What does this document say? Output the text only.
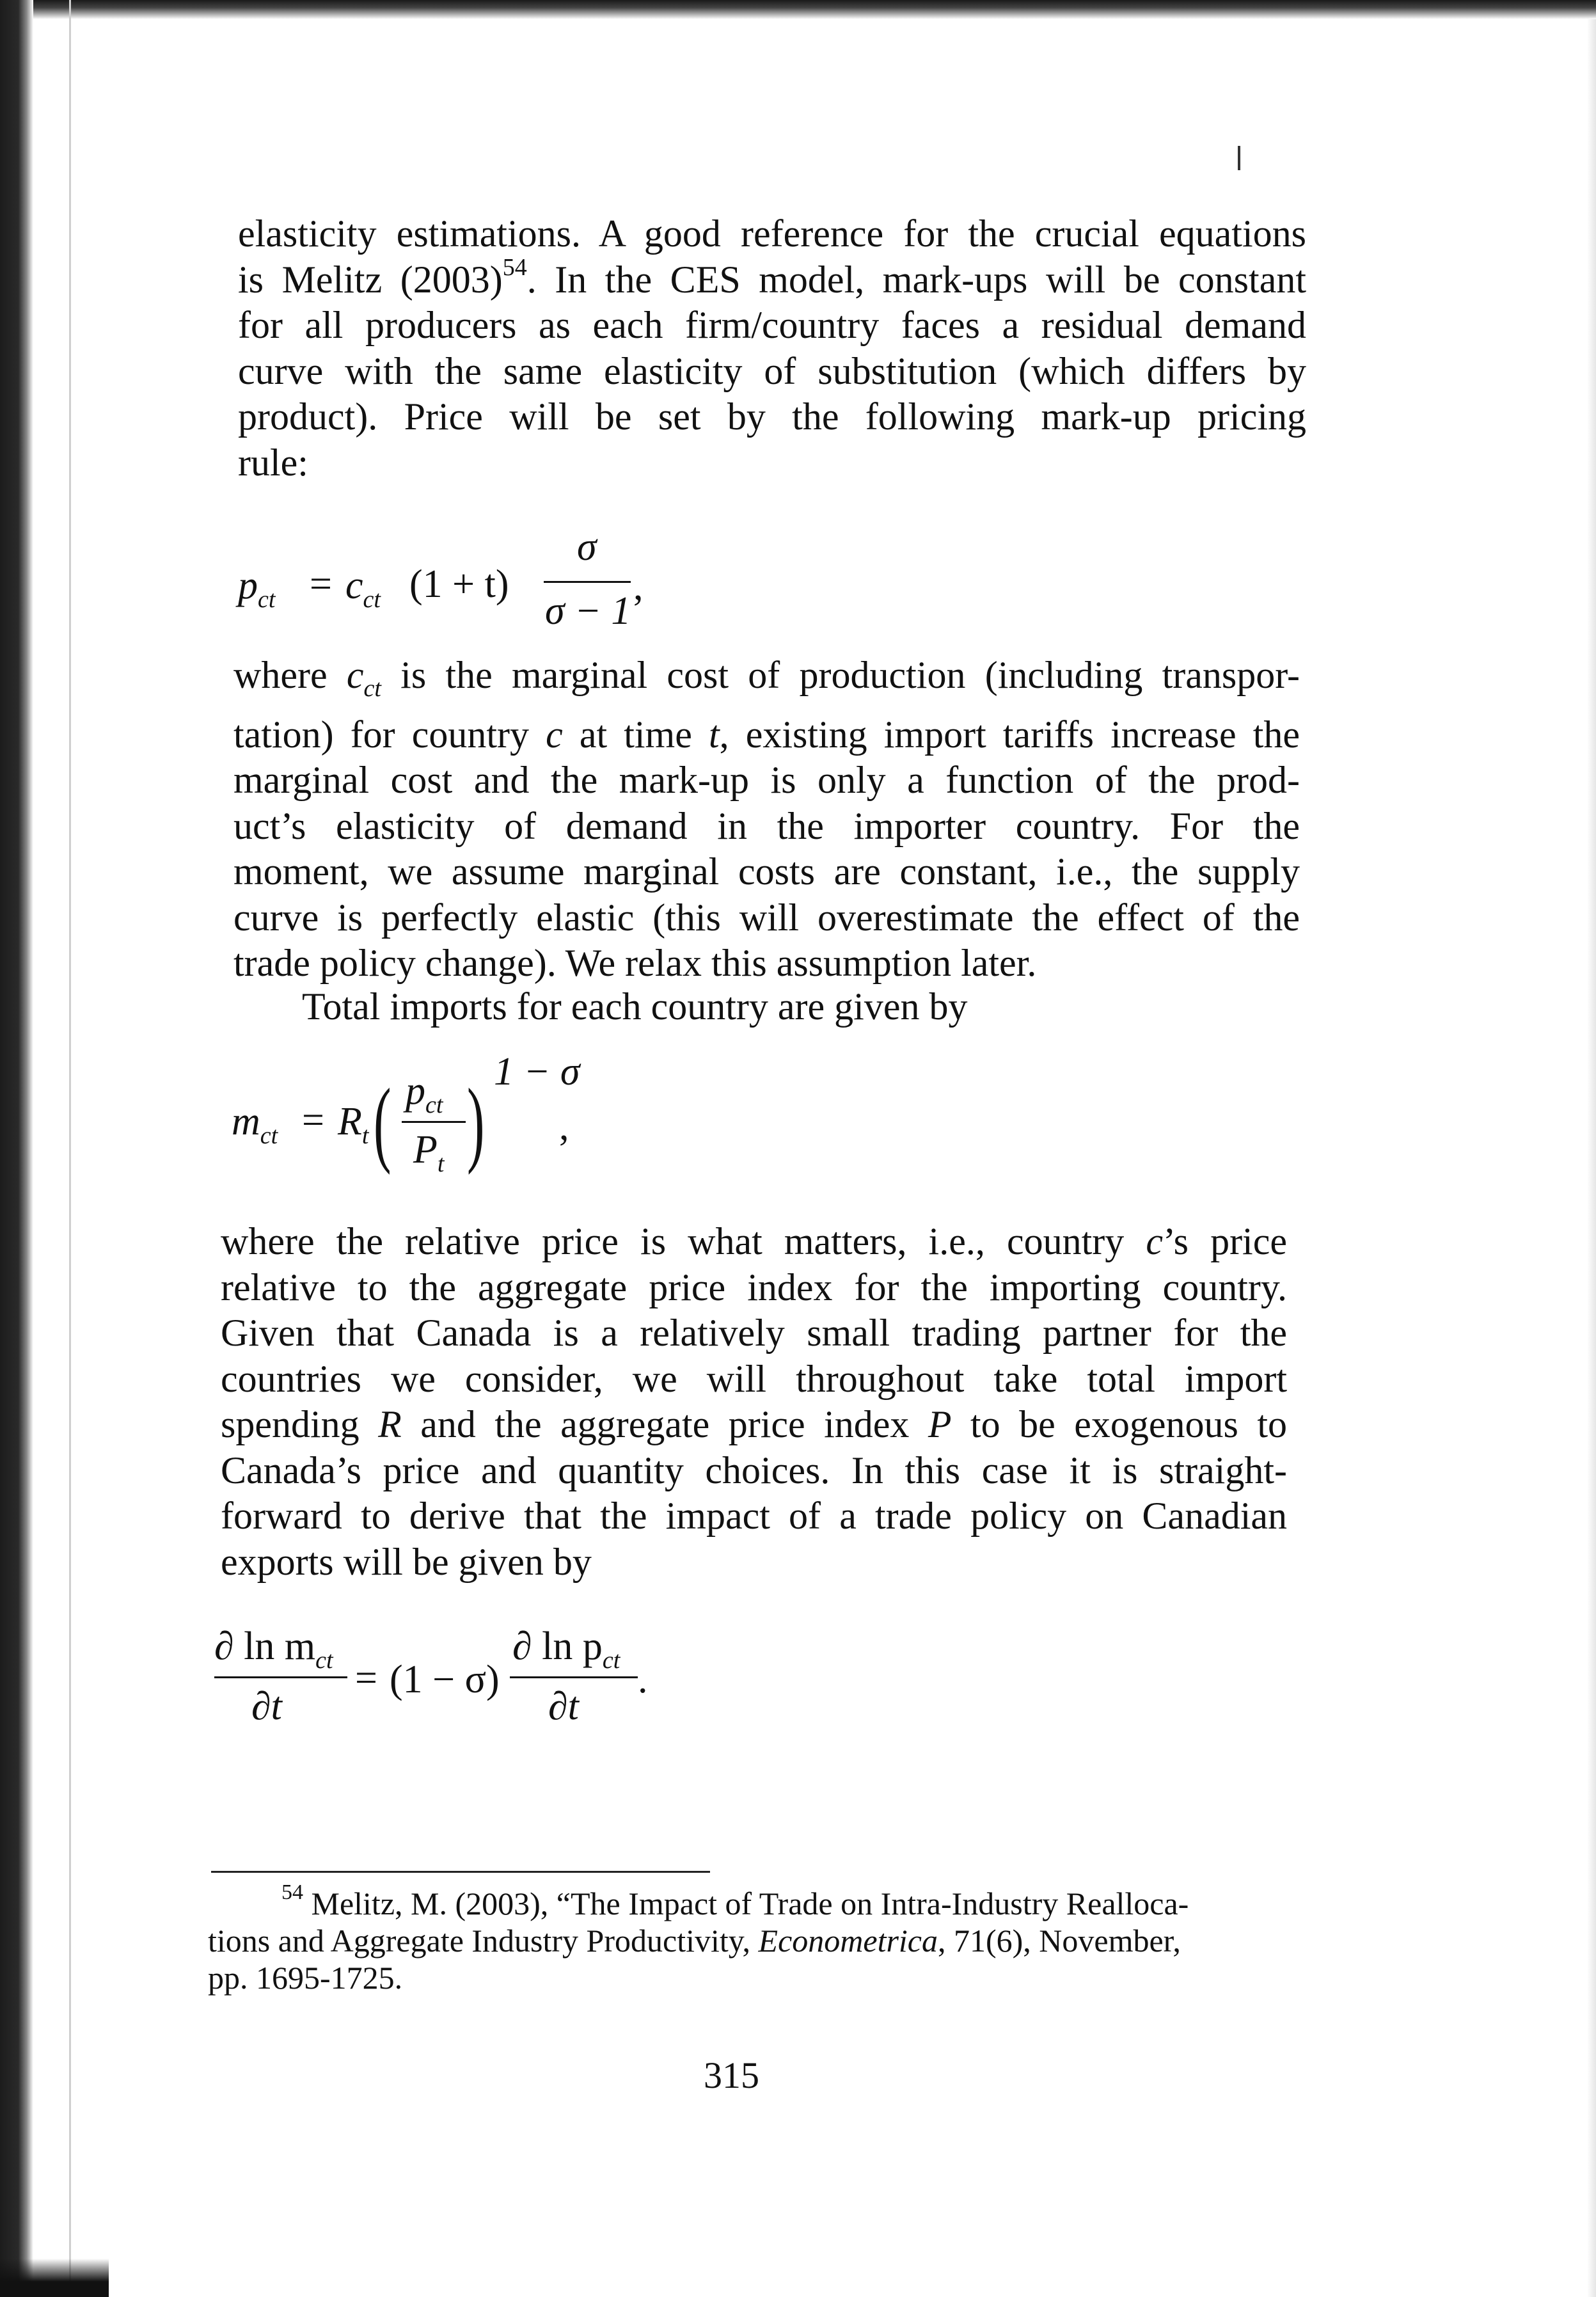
elasticity estimations. A good reference for the crucial equations
is Melitz $(2003)^{54}$. In the CES model, mark-ups will be constant
for all producers as each firm/country faces a residual demand
curve with the same elasticity of substitution (which differs by
product). Price will be set by the following mark-up pricing
rule:
$p_{ct} = c_{ct}$ (1 + t)
σ
σ − 1
,
where $c_{ct}$ is the marginal cost of production (including transpor-
tation) for country c at time t, existing import tariffs increase the
marginal cost and the mark-up is only a function of the prod-
uct’s elasticity of demand in the importer country. For the
moment, we assume marginal costs are constant, i.e., the supply
curve is perfectly elastic (this will overestimate the effect of the
trade policy change). We relax this assumption later.
Total imports for each country are given by
$m_{ct} = R_t$ ( $p_{ct}$
$P_t$ ) 1 − σ
,
where the relative price is what matters, i.e., country c’s price
relative to the aggregate price index for the importing country.
Given that Canada is a relatively small trading partner for the
countries we consider, we will throughout take total import
spending R and the aggregate price index P to be exogenous to
Canada’s price and quantity choices. In this case it is straight-
forward to derive that the impact of a trade policy on Canadian
exports will be given by
∂ $\ln m_{ct}$
∂t
= (1 − σ)
∂ $\ln p_{ct}$
∂t
.
$^{54}$ Melitz, M. (2003), “The Impact of Trade on Intra-Industry Realloca-
tions and Aggregate Industry Productivity, Econometrica, 71(6), November,
pp. 1695-1725.
315
